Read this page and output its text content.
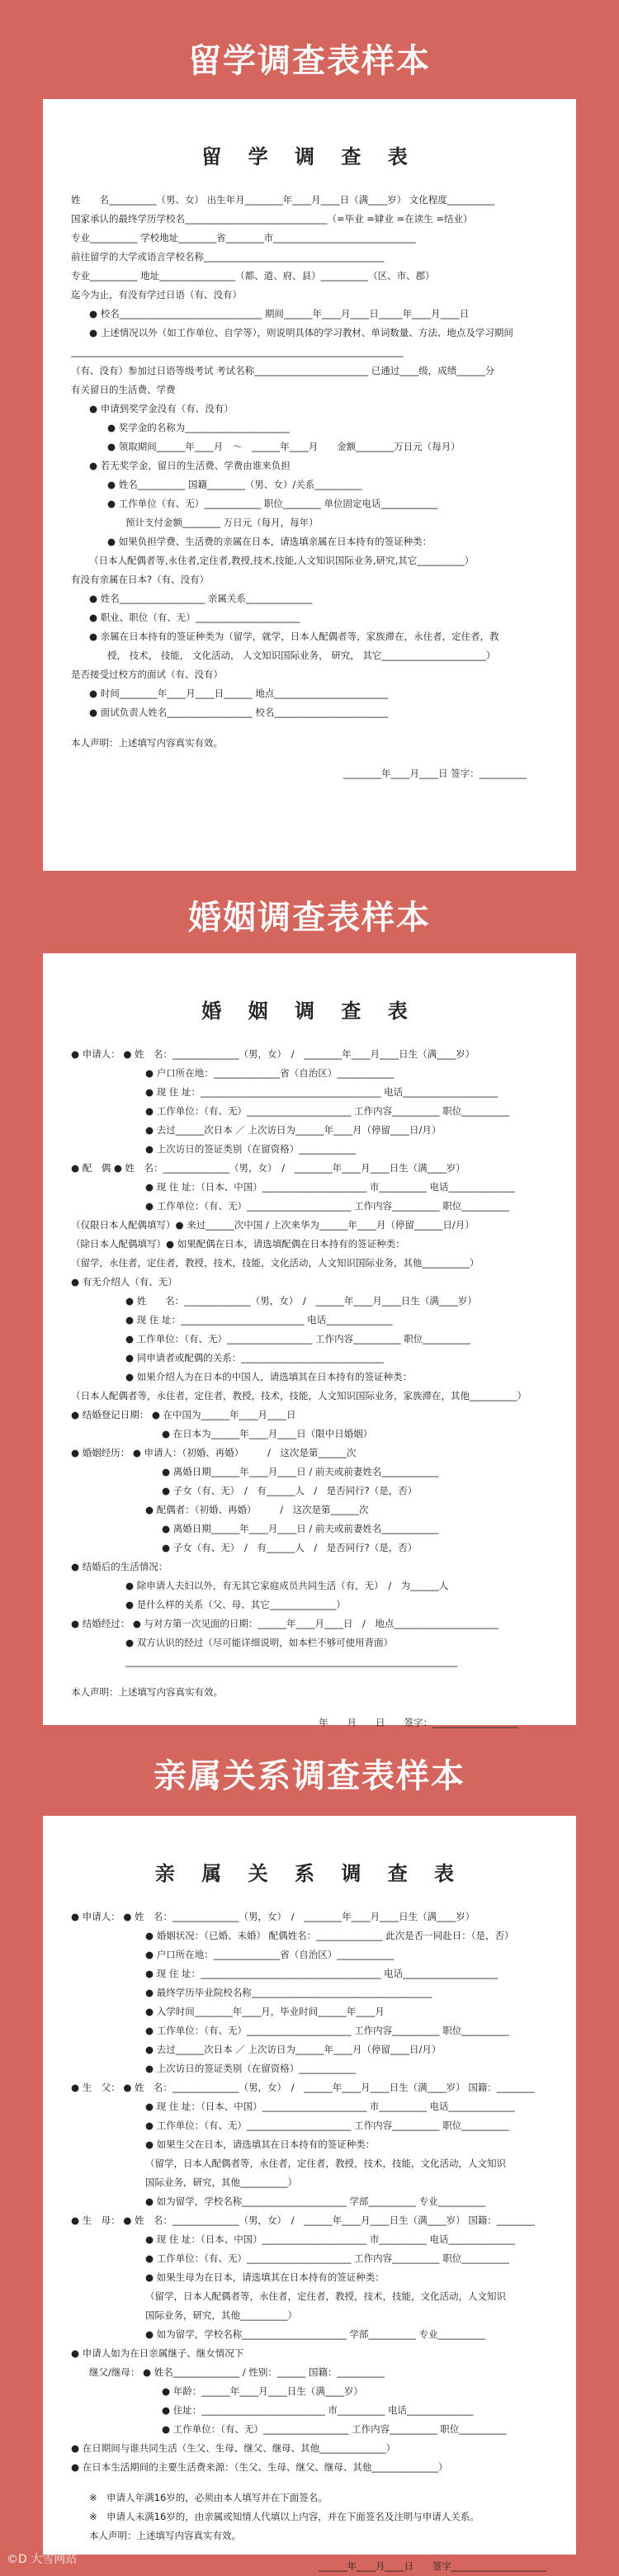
留学调查表样本
留 学 调 查 表
姓　　名__________（男、女） 出生年月________年____月____日（满____岁） 文化程度__________
国家承认的最终学历学校名______________________________（=毕业 =肄业 =在读生 =结业）
专业__________ 学校地址________省________市______________________________
前往留学的大学或语言学校名称______________________________________
专业__________ 地址________________（都、道、府、县）__________（区、市、郡）
迄今为止，有没有学过日语（有、没有）
● 校名______________________________ 期间______年____月____日_____年____月____日
● 上述情况以外（如工作单位、自学等），则说明具体的学习教材、单词数量、方法、地点及学习期间
______________________________________________________________________
（有、没有）参加过日语等级考试 考试名称________________________ 已通过____级，成绩______分
有关留日的生活费、学费
● 申请到奖学金没有（有、没有）
● 奖学金的名称为______________________
● 领取期间______年____月　～　______年____月　　金额________万日元（每月）
● 若无奖学金，留日的生活费、学费由谁来负担
● 姓名__________ 国籍________（男、女）/关系__________
● 工作单位（有、无）____________ 职位________ 单位固定电话____________
预计支付金额________ 万日元（每月，每年）
● 如果负担学费、生活费的亲属在日本，请选填亲属在日本持有的签证种类：
（日本人配偶者等,永住者,定住者,教授,技术,技能,人文知识国际业务,研究,其它__________）
有没有亲属在日本?（有、没有）
● 姓名__________________ 亲属关系______________
● 职业、职位（有、无）______________________
● 亲属在日本持有的签证种类为（留学，就学，日本人配偶者等，家族滞在，永住者，定住者，教
授， 技术， 技能， 文化活动， 人文知识国际业务， 研究， 其它______________________）
是否接受过校方的面试（有、没有）
● 时间________年____月____日______ 地点________________________
● 面试负责人姓名__________________ 校名________________________
本人声明：上述填写内容真实有效。
________年____月____日 签字：__________
婚姻调查表样本
婚 姻 调 查 表
● 申请人： ● 姓　名：______________（男，女）　/　________年____月____日生（满____岁）
● 户口所在地：______________省（自治区）____________
● 现 住 址：______________________________________ 电话____________________
● 工作单位：（有、无）______________________ 工作内容__________ 职位__________
● 去过______次日本 ／ 上次访日为______年____月（停留____日/月）
● 上次访日的签证类别（在留资格）____________
● 配　偶 ● 姓　名：______________（男，女）　/　________年____月____日生（满____岁）
● 现 住 址：（日本、中国）______________________ 市__________ 电话______________
● 工作单位：（有、无）______________________ 工作内容__________ 职位__________
（仅限日本人配偶填写）● 来过______次中国 / 上次来华为______年____月（停留______日/月）
（除日本人配偶填写）● 如果配偶在日本，请选填配偶在日本持有的签证种类：
（留学，永住者，定住者，教授，技术，技能，文化活动，人文知识国际业务，其他__________）
● 有无介绍人（有、无）
● 姓　　名：______________（男，女）　/　______年____月____日生（满____岁）
● 现 住 址：__________________________ 电话______________
● 工作单位：（有、无）__________________ 工作内容__________ 职位__________
● 同申请者或配偶的关系：______________________________
● 如果介绍人为在日本的中国人，请选填其在日本持有的签证种类：
（日本人配偶者等，永住者，定住者，教授，技术，技能，人文知识国际业务，家族滞在，其他__________）
● 结婚登记日期： ● 在中国为______年____月____日
● 在日本为______年____月____日（限中日婚姻）
● 婚姻经历： ● 申请人：（初婚、再婚）　　　/　这次是第______次
● 离婚日期______年____月____日 / 前夫或前妻姓名____________
● 子女（有、无）　/　有______人　/　是否同行?（是，否）
● 配偶者：（初婚、再婚）　　　/　这次是第______次
● 离婚日期______年____月____日 / 前夫或前妻姓名____________
● 子女（有、无）　/　有______人　/　是否同行?（是，否）
● 结婚后的生活情况：
● 除申请人夫妇以外，有无其它家庭成员共同生活（有，无）　/　为______人
● 是什么样的关系（父、母、其它______________）
● 结婚经过： ● 与对方第一次见面的日期：______年____月____日　/　地点______________________
● 双方认识的经过（尽可能详细说明，如本栏不够可使用背面）
______________________________________________________________________
本人声明：上述填写内容真实有效。
年　　月　　日　　签字：__________________
亲属关系调查表样本
亲 属 关 系 调 查 表
● 申请人： ● 姓　名：______________（男，女）　/　________年____月____日生（满____岁）
● 婚姻状况：（已婚、未婚） 配偶姓名：______________ 此次是否一同赴日：（是，否）
● 户口所在地：______________省（自治区）____________
● 现 住 址：______________________________________ 电话____________________
● 最终学历毕业院校名称______________________________________
● 入学时间________年____月，毕业时间______年____月
● 工作单位：（有、无）______________________ 工作内容__________ 职位__________
● 去过______次日本 ／ 上次访日为______年____月（停留____日/月）
● 上次访日的签证类别（在留资格）____________
● 生　父： ● 姓　名：______________（男，女）　/　______年____月____日生（满____岁） 国籍：________
● 现 住 址：（日本、中国）______________________ 市__________ 电话______________
● 工作单位：（有、无）______________________ 工作内容__________ 职位__________
● 如果生父在日本，请选填其在日本持有的签证种类：
（留学，日本人配偶者等，永住者，定住者，教授，技术，技能，文化活动，人文知识
国际业务，研究，其他__________）
● 如为留学，学校名称______________________ 学部__________ 专业__________
● 生　母： ● 姓　名：______________（男，女）　/　______年____月____日生（满____岁） 国籍：________
● 现 住 址：（日本、中国）______________________ 市__________ 电话______________
● 工作单位：（有、无）______________________ 工作内容__________ 职位__________
● 如果生母为在日本，请选填其在日本持有的签证种类：
（留学，日本人配偶者等，永住者，定住者，教授，技术，技能，文化活动，人文知识
国际业务，研究，其他__________）
● 如为留学，学校名称______________________ 学部__________ 专业__________
● 申请人如为在日亲属继子、继女情况下
继父/继母： ● 姓名______________ / 性别：______ 国籍：__________
● 年龄：______年____月____日生（满____岁）
● 住址：__________________________ 市__________ 电话______________
● 工作单位：（有、无）__________________ 工作内容__________ 职位__________
● 在日期间与谁共同生活（生父、生母、继父、继母、其他______________）
● 在日本生活期间的主要生活费来源：（生父、生母、继父、继母、其他______________）
※　申请人年满16岁的，必须由本人填写并在下面签名。
※　申请人未满16岁的，由亲属或知情人代填以上内容，并在下面签名及注明与申请人关系。
本人声明：上述填写内容真实有效。
______年____月____日　　签字____________________
©D 大雪网站
